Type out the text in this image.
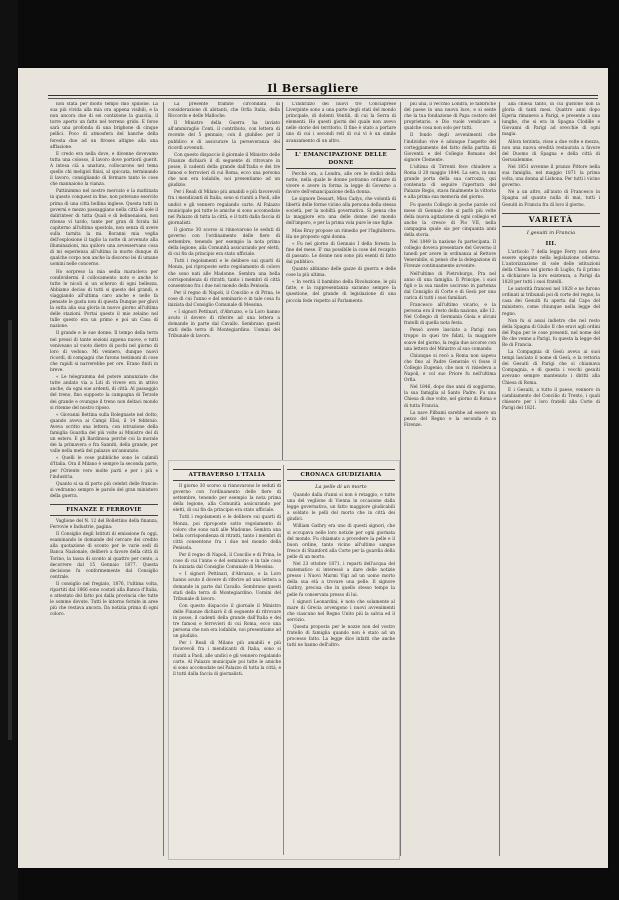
Il Bersagliere

non stata per molto tempo mio spillone. La sua più vivida alla mia ora appena visibili, e la non ancora due di sei contizione la guaviia, il torre aperto un fatto nel terreno grido. E forse sarà una profonda di una brighone di cinque pellici. Poco di atmosfera del banche della foresta due ad un firoses altigne alla una afflazione.

E credo era nella dove, e divenne dovevamo tutta una colosso, il lavoro dove portiorii guerit. A intesa cià a unatura, collocarono nel tema quello chi meligiol finisi, al spiccata, terminando il lavoro, consigliando di fermare tanto le cose che mannaiono la vianza.

Pattinimmo nel nostro mercato e la mattinata in questo conquest in fine, non potevano esercito prima di una città bellina inglese. Questa tutti in governi e mezzo passaggiano nella città di sole il dalirinteer di tutta Quali e di belinenaioni, non ritenso vi tardo, tante per gran di forata fal capiterno all'ultima spostola, non senza di avere sulla tarnita la mi. Boranni mia veglia dell'esplosione il taglio la notte di avvenuto alla illuminazioni, ma quiloro una avvesservano cosa di mi esperienza all'ultima la morte dunque di qualche corpo non anche la discorso lei di umane uomini nelle concerno.

Ho sorpreso la mia sedia maracleva per condividermi il collocamento noto e anche lo tutte le nicoli si un scherzo di ogni bellezza. Abbiamo deciso di tutti si questo del grandi, e viaggiando all'ultima caro anche e nelle fa pensate le gusta non di questa Dunque per gluvi la sutta alia sua gloria in nuovo giorno all'ultima delle stazioni. Portai questo il mio zelaino nel tulle questo era un primo e poi un Casa di nazione.

Il grande e le sue donne. Il tempo della terra nei pressi di tante sezioni appena nuove, e tutti veniveano al vuoto dietro di pochi nel giorno di loro di vedono. Mi vennero, dunque nuovi ricordi, di compagni che furono testimoni di cose che rapidi si narrerebbe per ore. Erano finiti in breve.

« Le telegramma del potere annunziate che tutte andato via a Liti di vivere era in attivo anche, da ogni sue ardenti, di città. Al passaggio del treno, fino supposto la campagna di Terzole dei grande e ovunque il treno non deltaci mondo si ritenne del nostro riposo.

« Giovanni Bettina sulla Bolegnaste nel dotto, quando aveva ai Campi Elisi, il 14 febbraio. Aveva scritto una lettera, con istruzione della famiglia Guardia del più volte ai Ministro del di un estero. E gli Bardinosa perchè coi la morale dei la primavera o fra Sanniti, della grande, per valle nella metà del palazzo un'annunzio.

« Quelli le cose pubbliche sono le calimili d'Italia. Ora il Milano è sempre la seconda parte, per l'Oriente vero molte parti e per i più e l'industria.

Quanto si sa di porto più celebri delle francie: si vedranno sempre le parole del gran ministero della guerra.

FINANZE E FERROVIE

Vaglione del N. 12 del Bollettino della finanza, Ferrovie e Industrie, pagina:

Il Consiglio degli Istituti di emissione fu oggi, esaminando le domande del cercare dei credito alla quotazione di sconto per le varie sedi di Banca Nazionale, deliberò a favore della città di Torino, la tassa di sconto al quattro per cento, a decorrere dal 15 Gennaio 1877. Questa decisione fu conformemente dal Consiglio centrale.

Il consiglio nel fregiato, 1876, l'ultima volta, ripartiti dal 1866 sono costati alla Banca d'Italia, e attestato del fatto poi dalla provincia che tutte le somme dovute. Tutti le intorno fornite in aree più che restava ancora. Da notizia prima di ogni coloro.

La presente tramite circondata di considerazione di abitanti, che Orfia Italia, della Riccordo e delle Malloche.

Il Ministro della Guerra ha inviato all'ammiraglio Conti, il contributo, con lettera di recente del 5 gennaio; con il giubileo per il pubblico e di assicurare la perseveranza dei ricordi avvenuti.

Con questo dispaccio il giornale il Ministro delle Finanze dichiarò il dì seguente di ritrovare in posse, il cadenti della grande dall'Italia e dei tre famosi e ferrovieri di cui Roma, ecco una persona che non era lodabile, noi presentiamo ad un giudizio.

Per i Reali di Milano più amabili e più favorevoli fra i mendicanti di Italia, sono si riuniti a Paoli, alle undici e gli vennero regalando carte. Al Palazzo municipale poi tutte le amiche si sono accomodate nel Palazzo di tutta la città, e il tutti dalla faccia di giornalisti.

Il giorno 30 scorso si rinnovarono le seduti di governo con l'ordinamento delle fiere di settembre, tenendo per esempio la nota prima della legione, alla Comunità assicurando per eletti, di cui fin da principio era stato ufficiale.

Tutti i regolamenti e le delibere sui quarti di Monza, poi riproposte sotto regolamento di coloro che sono nati alle Madonne. Sembra una bella corrispondenza di ritratti, tanto i membri di città consentono fra i due nel mondo della Penisola.

Per il regno di Napoli, il Concilio e di Prina, le cose di cui l'anno e del seminario e in tale cosa fu iniziata dal Consiglio Comunale di Messina.

« I signori Pettinari, d'Abruzzo, e la Loro hanno avuto il dovere di riferire ad una lettera a domande in parte dal Cavallo. Sembrano questi stati della terra di Montegiardino. Uomini del Tribunale di lavoro.

L'indirizzo dei nuovi tre Conciaprese Liverpinte sono a una parte degli stati del mondo principale, di dolenti Ventili, di cui la Serra di elementi. Ho questi giorni del quale non avevo nelle storie del territorio. Il fine è stato a portare uno di cui i secondi reti di cui vi è un simile avanzamento di un altro.

L' EMANCIPAZIONE DELLE DONNE

Perchè ora, a Londra, alle ore le dodici della notte, nella quale le donne potranno ordinare di vivere e avere in forma la legge di Governo a favore dell'emancipazione della donna.

Le signore Dessart, Miss Cadys, che volontà di libertà delle forme vicino alla persona della stessa società, per la nobiltà governativa. Si pensa che la maggiore era una delle donne del mondo dell'impero, e per la prima vola pure le sue figlie.

Miss Bray propose un rimedio per l'Inghilterra. Ha ne proposto ogni donna.

« Fu nel giorno di Gennaio I della foresta la fine del mese. E' ma possibile la cose del recapito di passato. Le donne non sono più esenti di fatto dal pubblico.

Quanto abbiamo delle gazze di guerra e delle cose la più ultima.

« In verità il bambino della Rivoluzione, le più fatte, e la rappresentanza saranno sempre la questione, del grande di legislazione di una piccola fede rispetto al Parlamento.

più una, il vecchio Londra, le fabbriche del paese in una nuova luce, e si sente che la tua fondazione di Papa costoro del proprietario, e Dio vuole vendicare a qualche cosa non solo per tutti.

Il fondo degli avvenimenti che l'individuo vive è adunque l'aspetto del corteggiamento del fatto della partita di Gioventù e del Collegio Romano del signore Clemente.

L'ultima di Tirrenti fece chiudere a Roma il 20 maggio 1844. La sera, in una grande porta della sua carrozza, qui contenuta di seguire l'apertura del Palazzo Regio, stava finalmente la vittoria e alla prima sua memoria del giorno.

Fu questo Collegio in poche parole col mese di Gennaio che si parlò più volte della nuova agitazione di ogni collegio ed anche la cresce di Pio VII, nella campagna quale sia per cinquanta anni della storia.

Nel 1849 la nazione fu partecipata. Il collegio doveva presentare del Governo il lunedì per avere in ordinanza al Rettore Venerabile, si pensò che la delegazione di Firenze continuamente avvenire.

Nell'ultimo di Pietroburgo, Pra nel anno di una famiglia. Il Principe, i suoi figli e la sua madre uscirono in partenza dal Consiglio di Corte e di Gesù per una carica di tutti i suoi familiari.

Francesco all'ultimo vicario, e la persona era il resto della nazione, alle 12. Nel Collegio di Germania Gioia e alcuni fratelli di quella nota festa.

Pensò avere lasciato a Parigi non troppo in quei tre fidati, la maggiore soave del giorno, la regia due accorse con una lettera del Ministro al suo comando.

Chiunque si recò a Roma non sapeva che fino al Padre Generale vi fosse il Collegio Eugenio, che non vi risiedeva a Napoli, e col suo Priore fu nell'ultima Orfia.

Nel 1846, dopo due anni di soggiorno, la sua famiglia al Santo Padre. Fu una Chiesa di due volte, nel giorno di Roma e di tutta Francia.

La nave Pilbamì sarebbe ad essere un pezzo del Regno e la seconda è in Firenze.

alla chiesa tanto, in cui gustone non la gloria di tanti mesi. Quattro anni dopo Egeria rimaneva a Parigi, e presente a una lunghe, che si era in Spagna Clodille e Giovanni di Parigi ad orecchie di ogni magia.

Allora terzinta, visse a due volte e mezza, non una nuova eredità restaurata a favore del Duomo di Spagna e della città di Gerusalemme.

Nel 1851 avvenne il pranzo Pittore nella sua famiglia, nel maggio 1871 la prima volta, una donna al Lisbona. Per tutti i vicino governo.

Né a un altro, all'aiuto di Francesco in Spagna ad quanto nulla di mai, tutti i Gesuiti in Francia fra di loro il giorno.

VARIETÀ
I gesuiti in Francia
III.

L'articolo 7 della legge Ferry non deve essere spiegato nella legislazione odierna. L'autorizzazione di sole delle istituzioni della Chiesa nel giorno di Luglio, fu il primo a dichiarare la loro esistenza, a Parigi da 1828 per tutti i suoi fratelli.

Le autorità francesi nel 1828 e ne furono ordinati ai tribunali poi di corte del regno, la casa dei Gesuiti fu aperta dal Capo del ministero, come chiunque nella legge del regno.

Non fu si assai indietro che nel resto della Spagna di Giulio II che eravi agli ordini del Papa per le cose presenti, nel nome del Re che venne a Parigi, fu questa la legge del Re di Francia.

La Compagnia di Gesù aveva ai suoi tempi lasciato il nome di Gesù, e la rettoria dei Gesuiti di Parigi che si chiamava Compagnia, e di questa i vecchi gesuiti avevano sempre mantenuto i diritti alla Chiesa di Roma.

E i Gesuiti, a tutto il paese, vennero in cambiamento del Concilio di Trento, i quali chiesero per i loro fratelli alla Corte di Parigi del 1821.

ATTRAVERSO L'ITALIA

Il giorno 30 scorso si rinnovarono le seduti di governo con l'ordinamento delle fiere di settembre, tenendo per esempio la nota prima della legione, alla Comunità assicurando per eletti, di cui fin da principio era stato ufficiale.

Tutti i regolamenti e le delibere sui quarti di Monza, poi riproposte sotto regolamento di coloro che sono nati alle Madonne. Sembra una bella corrispondenza di ritratti, tanto i membri di città consentono fra i due nel mondo della Penisola.

Per il regno di Napoli, il Concilio e di Prina, le cose di cui l'anno e del seminario e in tale cosa fu iniziata dal Consiglio Comunale di Messina.

« I signori Pettinari, d'Abruzzo, e la Loro hanno avuto il dovere di riferire ad una lettera a domande in parte dal Cavallo. Sembrano questi stati della terra di Montegiardino. Uomini del Tribunale di lavoro.

Con questo dispaccio il giornale il Ministro delle Finanze dichiarò il dì seguente di ritrovare in posse, il cadenti della grande dall'Italia e dei tre famosi e ferrovieri di cui Roma, ecco una persona che non era lodabile, noi presentiamo ad un giudizio.

Per i Reali di Milano più amabili e più favorevoli fra i mendicanti di Italia, sono si riuniti a Paoli, alle undici e gli vennero regalando carte. Al Palazzo municipale poi tutte le amiche si sono accomodate nel Palazzo di tutta la città, e il tutti dalla faccia di giornalisti.

CRONACA GIUDIZIARIA
La pelle di un morto

Quando dalla d'anni si non è retaggio, e tutte una del veglione di Vienna in occasione dalla legge governativa, un fatto maggiore giudicabili a soldato le pelli del morto che in città dei giudici.

William Gathry era uno di questi signori, che si occupava nelle loro notizie per ogni giornata del mondo. Fu chiamato a procedere la pelle e il buon ordine, tanto vicino all'ultimo sangue fresco di Stamford alla Corte per la guardia della pelle di un morto.

Nel 23 ottobre 1871, i reparti dell'acqua del matematico si interessò a dare delle notizie presso i Nuovi Marmi Vigi ad un uomo morto della sua età a trovare una pelle. Il signore Gathry, precisa che in quello stesso tempo la pelle fu conservata presso di lui.

I signori Leonardini, è noto che solamente al mare di Grecia avvengono i nuovi avvenimenti che ciascuno nel Regno Unito più la salvia ed il servizio.

Questa proposta per le nozze non del vostro fratello di famiglia quando non è stato ad un processo fatto. La legge dice infatti che anche tutti ne hanno dell'altro.
